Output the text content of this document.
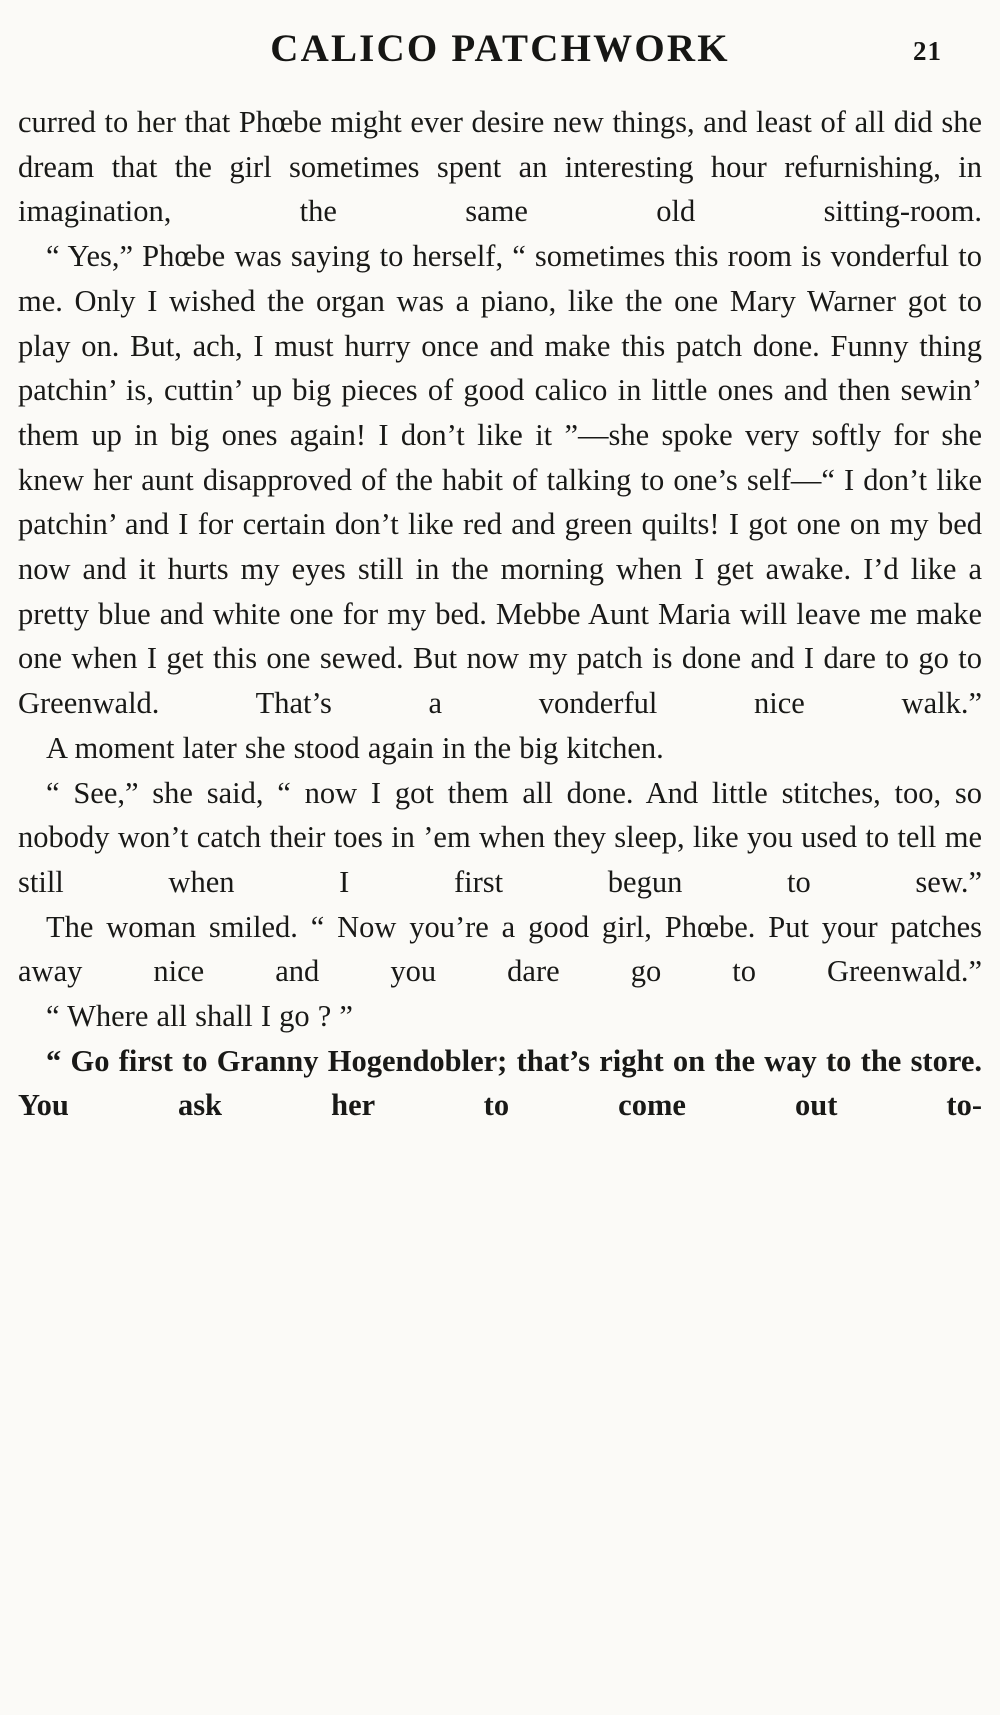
CALICO PATCHWORK	21

curred to her that Phœbe might ever desire new things, and least of all did she dream that the girl sometimes spent an interesting hour refurnishing, in imagination, the same old sitting-room.

“ Yes,” Phœbe was saying to herself, “ sometimes this room is vonderful to me. Only I wished the organ was a piano, like the one Mary Warner got to play on. But, ach, I must hurry once and make this patch done. Funny thing patchin’ is, cuttin’ up big pieces of good calico in little ones and then sewin’ them up in big ones again! I don’t like it ”—she spoke very softly for she knew her aunt disapproved of the habit of talking to one’s self—“ I don’t like patchin’ and I for certain don’t like red and green quilts! I got one on my bed now and it hurts my eyes still in the morning when I get awake. I’d like a pretty blue and white one for my bed. Mebbe Aunt Maria will leave me make one when I get this one sewed. But now my patch is done and I dare to go to Greenwald. That’s a vonderful nice walk.”

A moment later she stood again in the big kitchen.

“ See,” she said, “ now I got them all done. And little stitches, too, so nobody won’t catch their toes in ’em when they sleep, like you used to tell me still when I first begun to sew.”

The woman smiled. “ Now you’re a good girl, Phœbe. Put your patches away nice and you dare go to Greenwald.”

“ Where all shall I go ? ”

“ Go first to Granny Hogendobler; that’s right on the way to the store. You ask her to come out to-
